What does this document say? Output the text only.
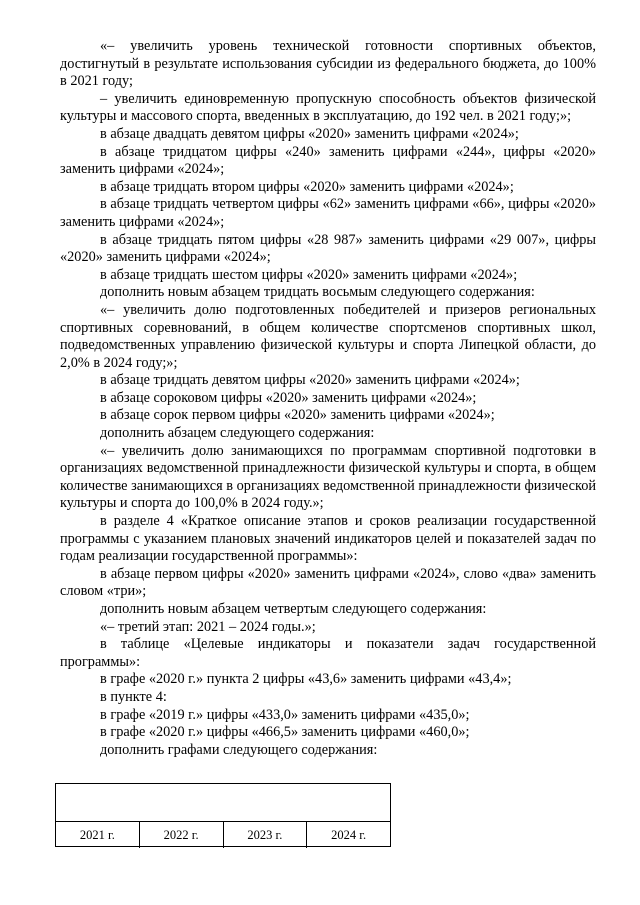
«– увеличить уровень технической готовности спортивных объектов, достигнутый в результате использования субсидии из федерального бюджета, до 100% в 2021 году;

– увеличить единовременную пропускную способность объектов физической культуры и массового спорта, введенных в эксплуатацию, до 192 чел. в 2021 году;»;

в абзаце двадцать девятом цифры «2020» заменить цифрами «2024»;

в абзаце тридцатом цифры «240» заменить цифрами «244», цифры «2020» заменить цифрами «2024»;

в абзаце тридцать втором цифры «2020» заменить цифрами «2024»;

в абзаце тридцать четвертом цифры «62» заменить цифрами «66», цифры «2020» заменить цифрами «2024»;

в абзаце тридцать пятом цифры «28 987» заменить цифрами «29 007», цифры «2020» заменить цифрами «2024»;

в абзаце тридцать шестом цифры «2020» заменить цифрами «2024»;

дополнить новым абзацем тридцать восьмым следующего содержания:

«– увеличить долю подготовленных победителей и призеров региональных спортивных соревнований, в общем количестве спортсменов спортивных школ, подведомственных управлению физической культуры и спорта Липецкой области, до 2,0% в 2024 году;»;

в абзаце тридцать девятом цифры «2020» заменить цифрами «2024»;

в абзаце сороковом цифры «2020» заменить цифрами «2024»;

в абзаце сорок первом цифры «2020» заменить цифрами «2024»;

дополнить абзацем следующего содержания:

«– увеличить долю занимающихся по программам спортивной подготовки в организациях ведомственной принадлежности физической культуры и спорта, в общем количестве занимающихся в организациях ведомственной принадлежности физической культуры и спорта до 100,0% в 2024 году.»;

в разделе 4 «Краткое описание этапов и сроков реализации государственной программы с указанием плановых значений индикаторов целей и показателей задач по годам реализации государственной программы»:

в абзаце первом цифры «2020» заменить цифрами «2024», слово «два» заменить словом «три»;

дополнить новым абзацем четвертым следующего содержания:

«– третий этап: 2021 – 2024 годы.»;

в таблице «Целевые индикаторы и показатели задач государственной программы»:

в графе «2020 г.» пункта 2 цифры «43,6» заменить цифрами «43,4»;

в пункте 4:

в графе «2019 г.» цифры «433,0» заменить цифрами «435,0»;

в графе «2020 г.» цифры «466,5» заменить цифрами «460,0»;

дополнить графами следующего содержания:

2021 г.	2022 г.	2023 г.	2024 г.
